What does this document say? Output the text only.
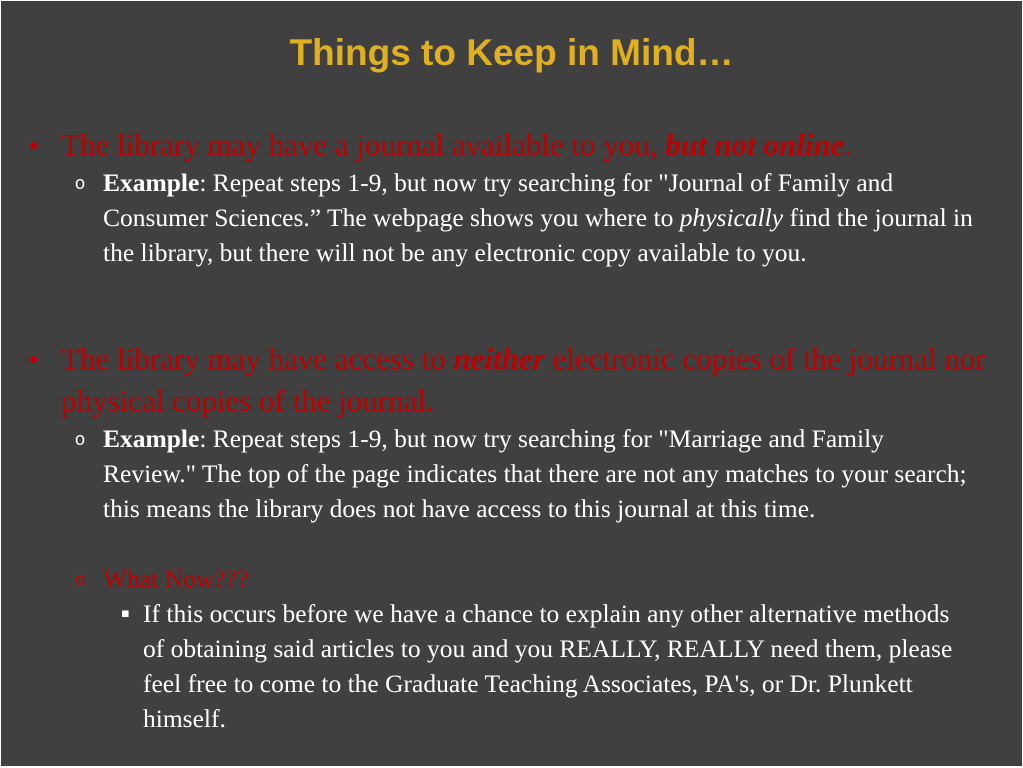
Things to Keep in Mind…
• The library may have a journal available to you, but not online.
o Example: Repeat steps 1-9, but now try searching for "Journal of Family and Consumer Sciences.” The webpage shows you where to physically find the journal in the library, but there will not be any electronic copy available to you.
• The library may have access to neither electronic copies of the journal nor physical copies of the journal.
o Example: Repeat steps 1-9, but now try searching for "Marriage and Family Review." The top of the page indicates that there are not any matches to your search; this means the library does not have access to this journal at this time.
o What Now???
▪ If this occurs before we have a chance to explain any other alternative methods of obtaining said articles to you and you REALLY, REALLY need them, please feel free to come to the Graduate Teaching Associates, PA's, or Dr. Plunkett himself.
